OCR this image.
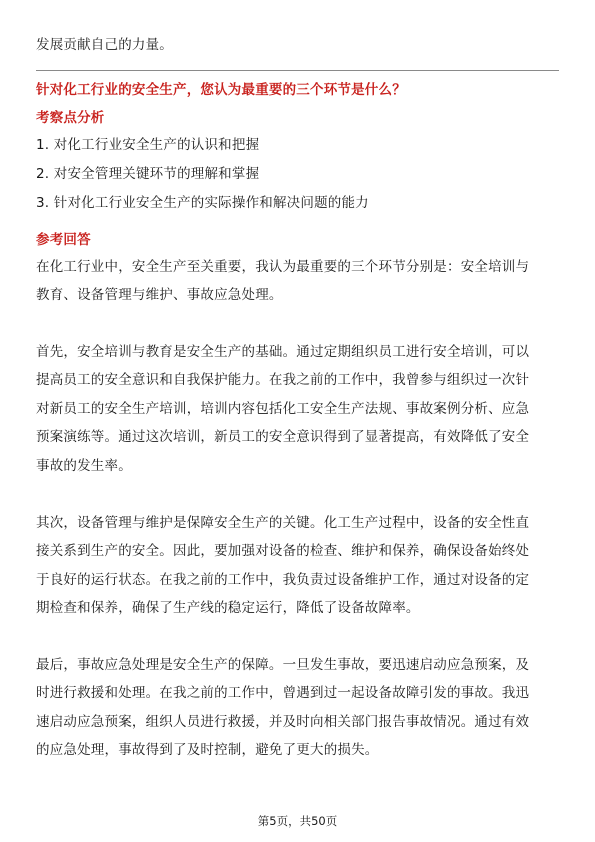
发展贡献自己的力量。
针对化工行业的安全生产，您认为最重要的三个环节是什么？
考察点分析
1. 对化工行业安全生产的认识和把握
2. 对安全管理关键环节的理解和掌握
3. 针对化工行业安全生产的实际操作和解决问题的能力
参考回答
在化工行业中，安全生产至关重要，我认为最重要的三个环节分别是：安全培训与
教育、设备管理与维护、事故应急处理。
首先，安全培训与教育是安全生产的基础。通过定期组织员工进行安全培训，可以
提高员工的安全意识和自我保护能力。在我之前的工作中，我曾参与组织过一次针
对新员工的安全生产培训，培训内容包括化工安全生产法规、事故案例分析、应急
预案演练等。通过这次培训，新员工的安全意识得到了显著提高，有效降低了安全
事故的发生率。
其次，设备管理与维护是保障安全生产的关键。化工生产过程中，设备的安全性直
接关系到生产的安全。因此，要加强对设备的检查、维护和保养，确保设备始终处
于良好的运行状态。在我之前的工作中，我负责过设备维护工作，通过对设备的定
期检查和保养，确保了生产线的稳定运行，降低了设备故障率。
最后，事故应急处理是安全生产的保障。一旦发生事故，要迅速启动应急预案，及
时进行救援和处理。在我之前的工作中，曾遇到过一起设备故障引发的事故。我迅
速启动应急预案，组织人员进行救援，并及时向相关部门报告事故情况。通过有效
的应急处理，事故得到了及时控制，避免了更大的损失。
第5页，共50页
